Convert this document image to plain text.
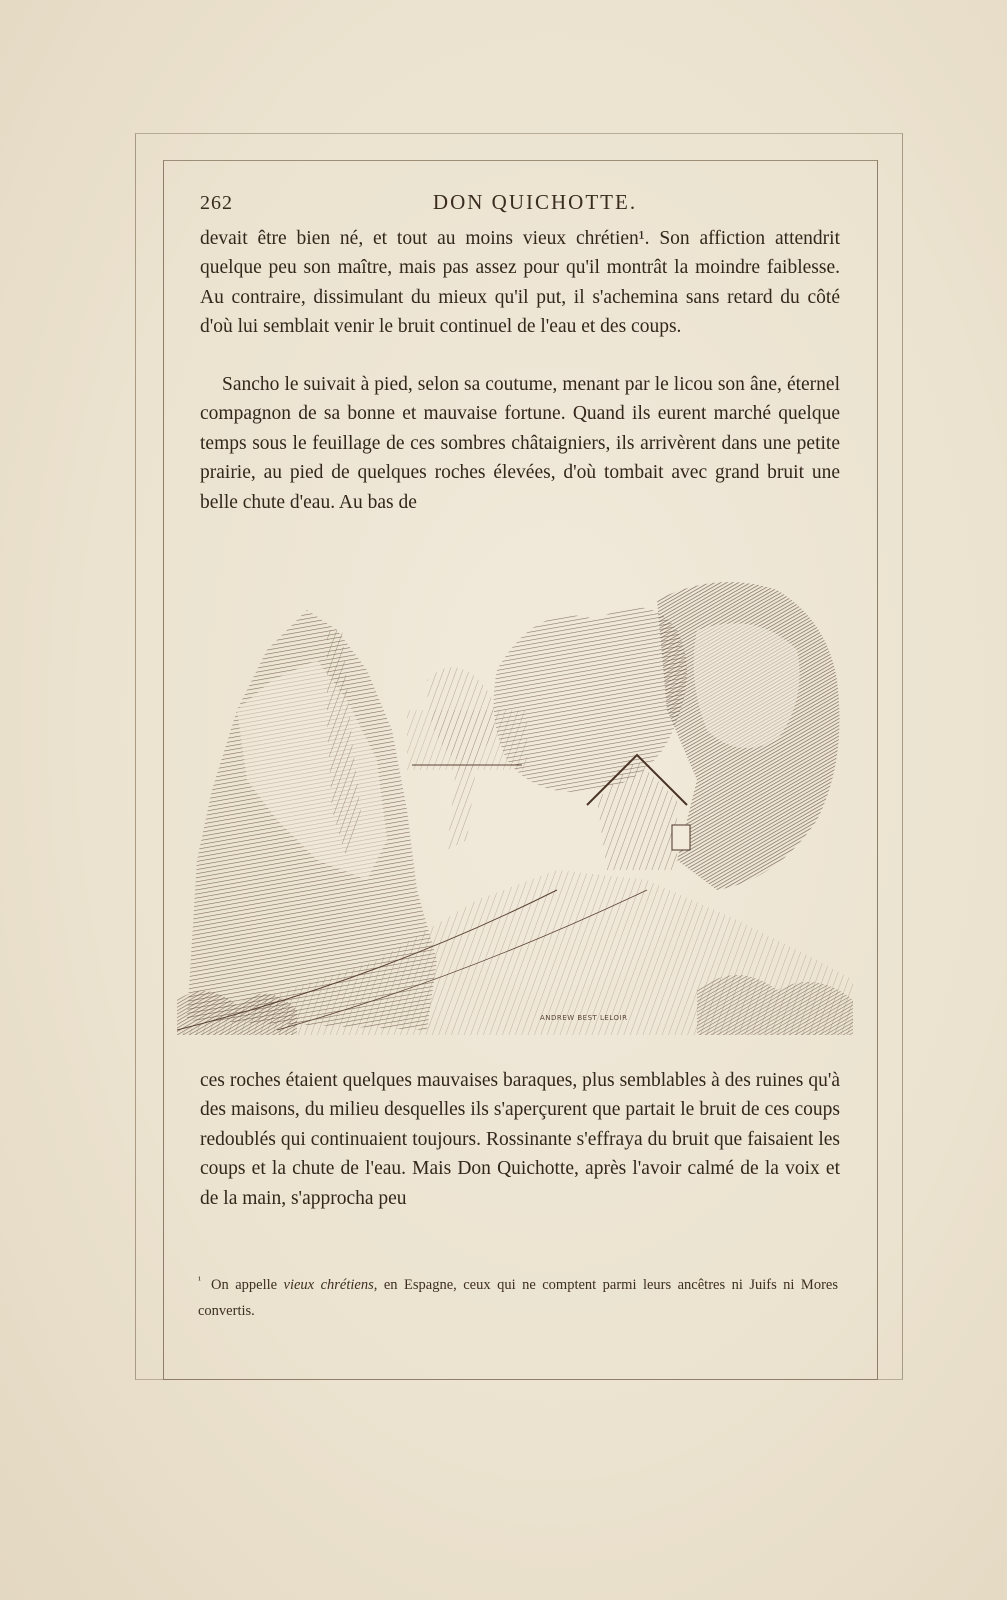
262	DON QUICHOTTE.

devait être bien né, et tout au moins vieux chrétien¹. Son affiction attendrit quelque peu son maître, mais pas assez pour qu'il montrât la moindre faiblesse. Au contraire, dissimulant du mieux qu'il put, il s'achemina sans retard du côté d'où lui semblait venir le bruit continuel de l'eau et des coups.

Sancho le suivait à pied, selon sa coutume, menant par le licou son âne, éternel compagnon de sa bonne et mauvaise fortune. Quand ils eurent marché quelque temps sous le feuillage de ces sombres châtaigniers, ils arrivèrent dans une petite prairie, au pied de quelques roches élevées, d'où tombait avec grand bruit une belle chute d'eau. Au bas de

ANDREW BEST LELOIR

ces roches étaient quelques mauvaises baraques, plus semblables à des ruines qu'à des maisons, du milieu desquelles ils s'aperçurent que partait le bruit de ces coups redoublés qui continuaient toujours. Rossinante s'effraya du bruit que faisaient les coups et la chute de l'eau. Mais Don Quichotte, après l'avoir calmé de la voix et de la main, s'approcha peu

$^{^1}$ On appelle vieux chrétiens, en Espagne, ceux qui ne comptent parmi leurs ancêtres ni Juifs ni Mores convertis.
